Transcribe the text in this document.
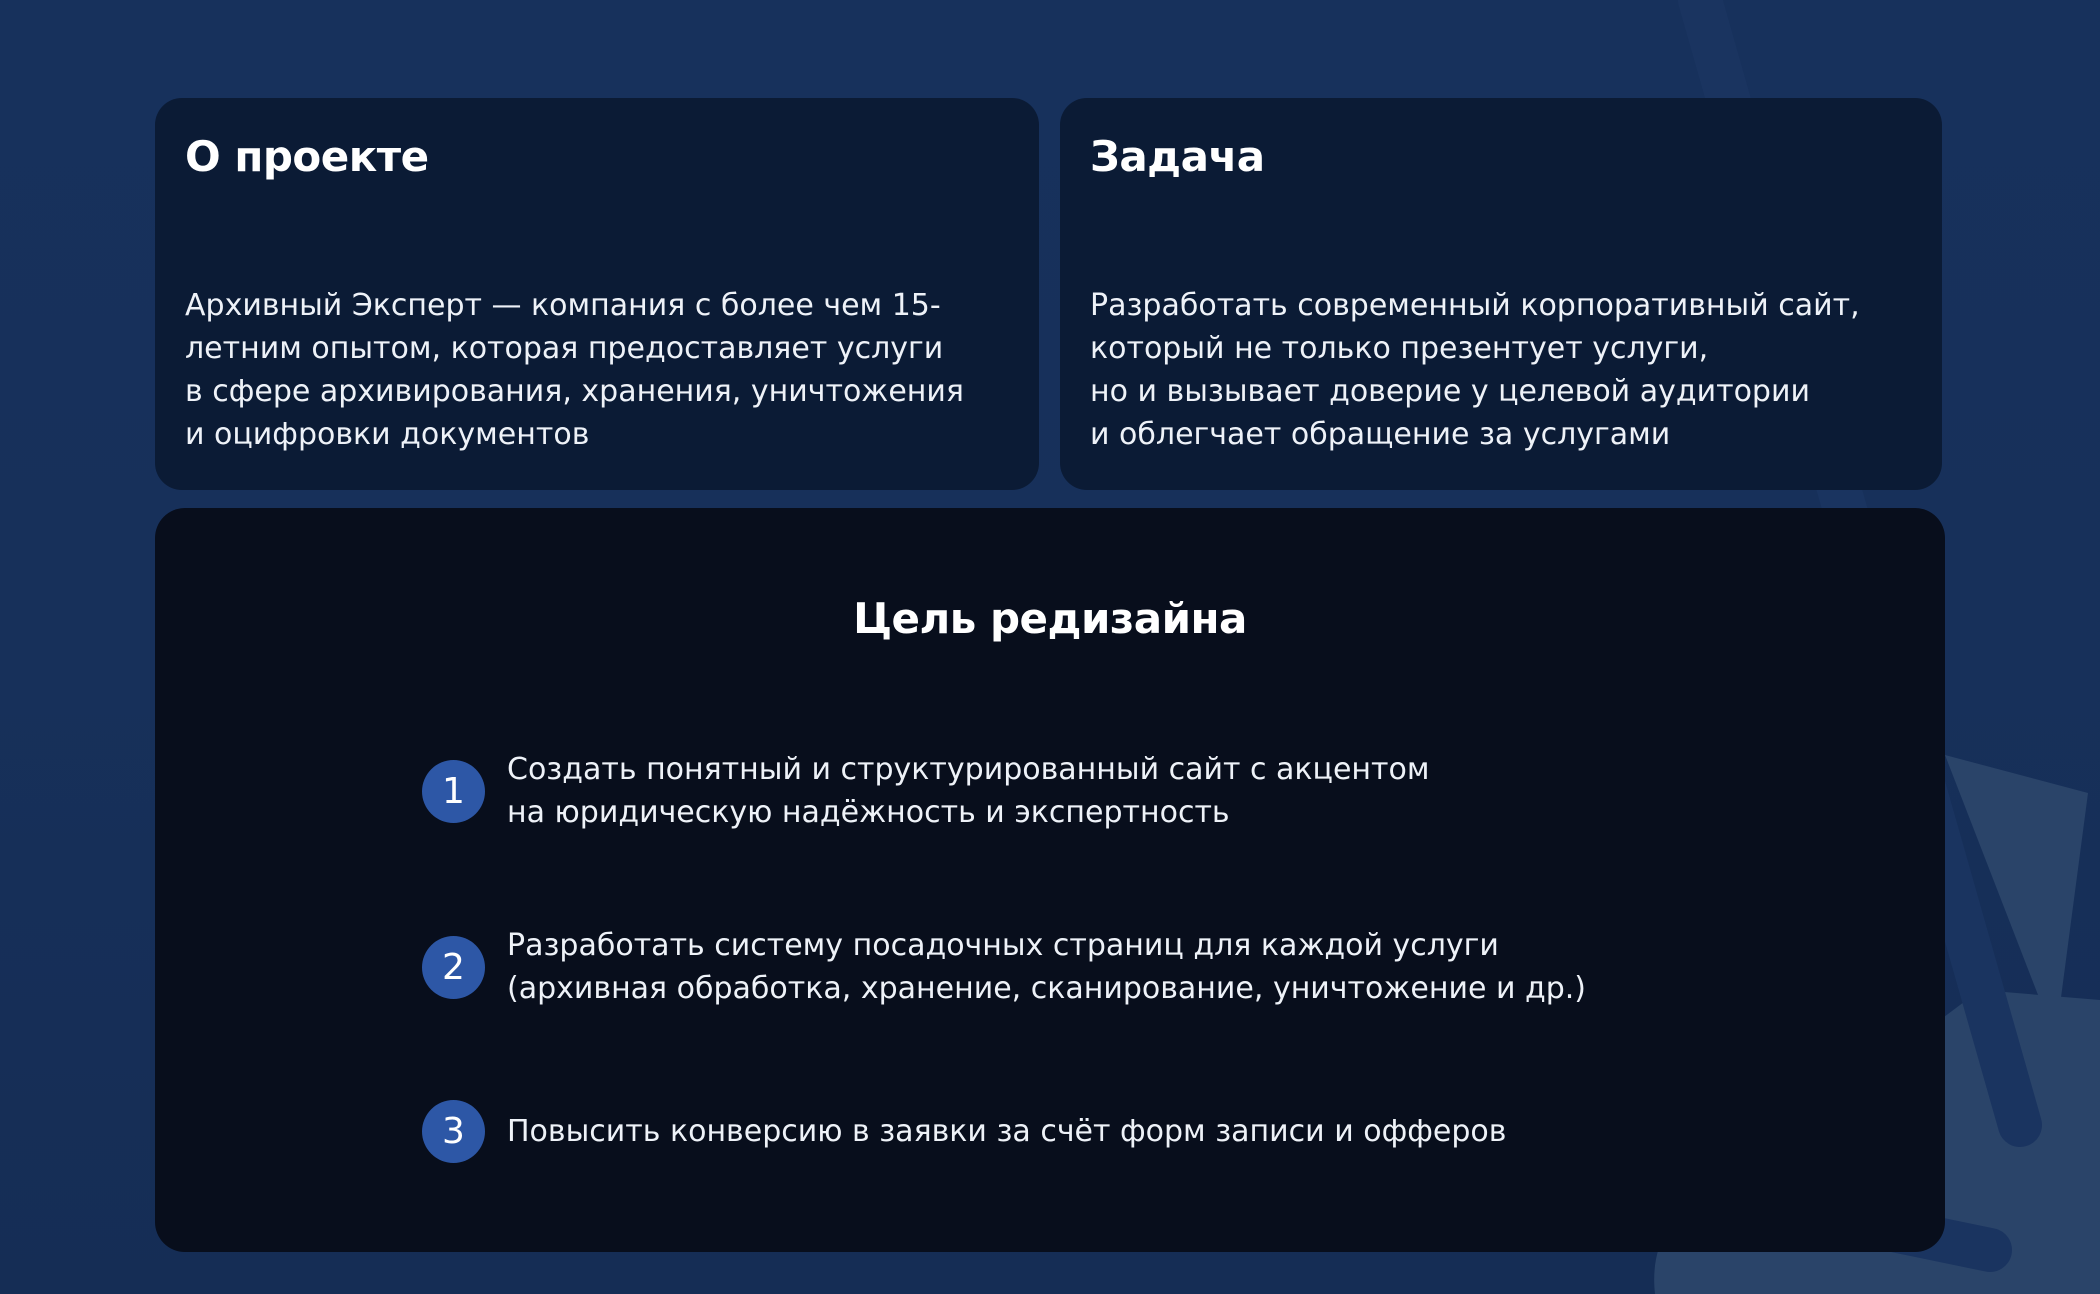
О проекте

Архивный Эксперт — компания с более чем 15-
летним опытом, которая предоставляет услуги
в сфере архивирования, хранения, уничтожения
и оцифровки документов

Задача

Разработать современный корпоративный сайт,
который не только презентует услуги,
но и вызывает доверие у целевой аудитории
и облегчает обращение за услугами

Цель редизайна
1
Создать понятный и структурированный сайт с акцентом
на юридическую надёжность и экспертность
2
Разработать систему посадочных страниц для каждой услуги
(архивная обработка, хранение, сканирование, уничтожение и др.)
3	Повысить конверсию в заявки за счёт форм записи и офферов
